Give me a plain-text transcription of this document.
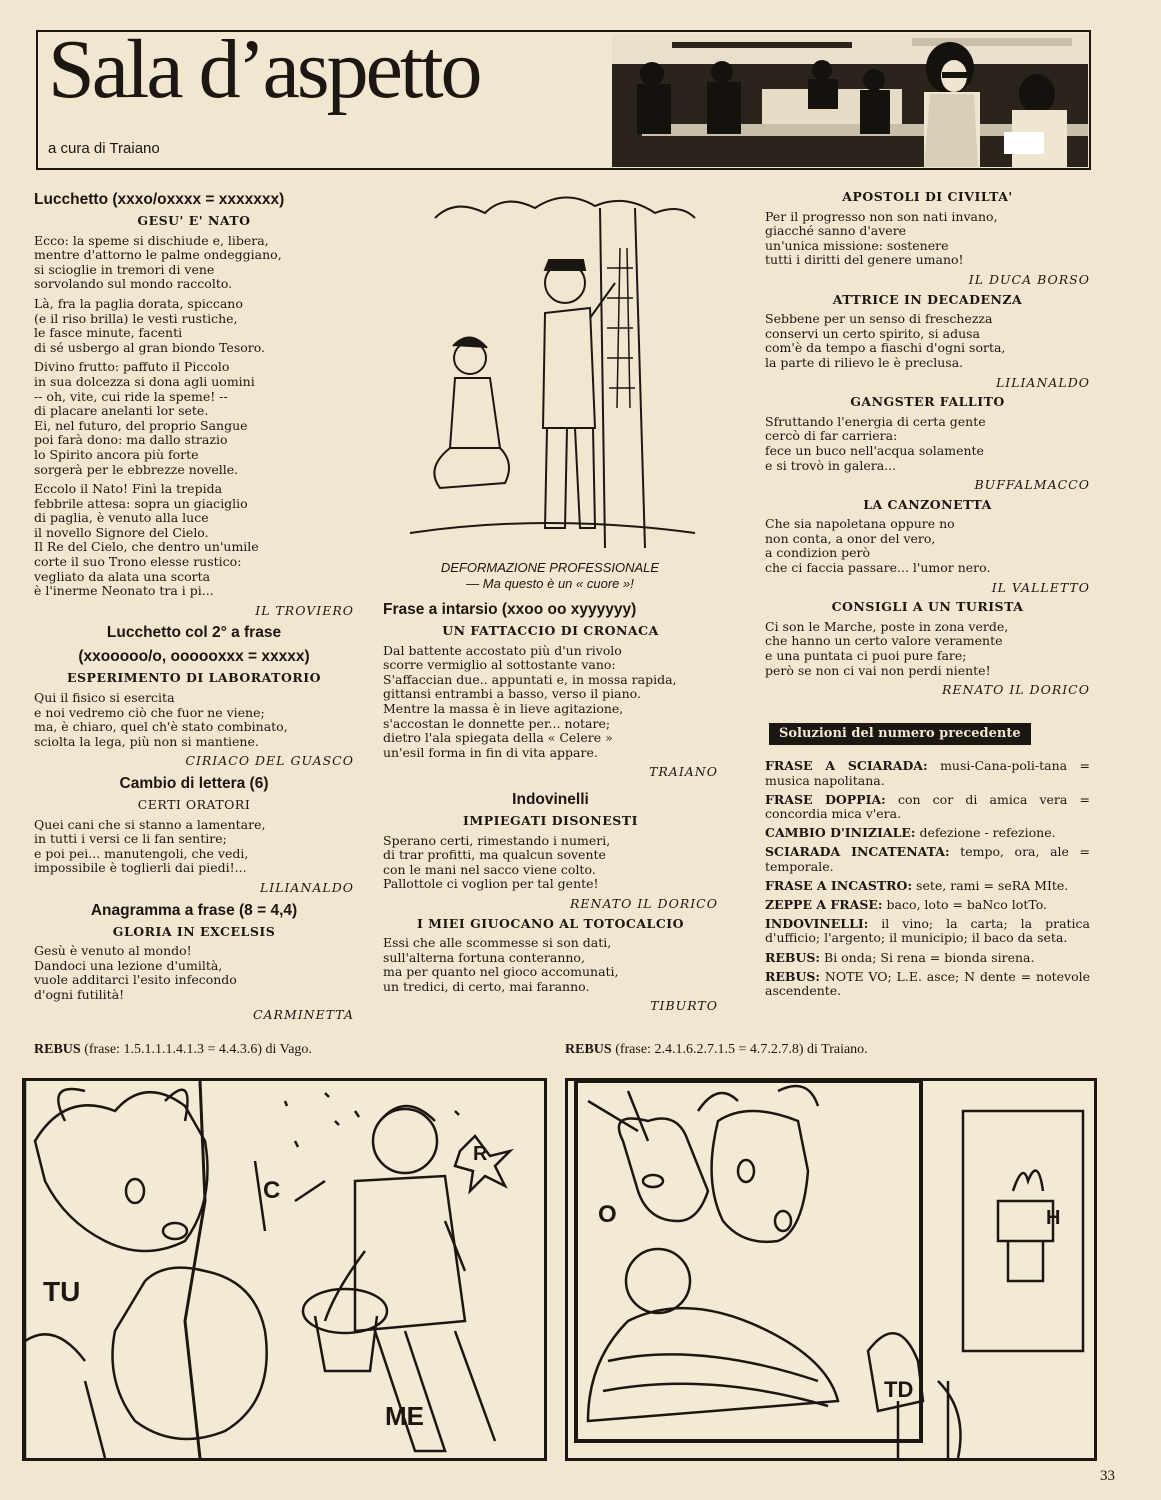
Sala d’aspetto
a cura di Traiano

Lucchetto (xxxo/oxxxx = xxxxxxx)

GESU' E' NATO

Ecco: la speme si dischiude e, libera,
mentre d'attorno le palme ondeggiano,
si scioglie in tremori di vene
sorvolando sul mondo raccolto.

Là, fra la paglia dorata, spiccano
(e il riso brilla) le vesti rustiche,
le fasce minute, facenti
di sé usbergo al gran biondo Tesoro.

Divino frutto: paffuto il Piccolo
in sua dolcezza si dona agli uomini
-- oh, vite, cui ride la speme! --
di placare anelanti lor sete.
Ei, nel futuro, del proprio Sangue
poi farà dono: ma dallo strazio
lo Spirito ancora più forte
sorgerà per le ebbrezze novelle.

Eccolo il Nato! Finì la trepida
febbrile attesa: sopra un giaciglio
di paglia, è venuto alla luce
il novello Signore del Cielo.
Il Re del Cielo, che dentro un'umile
corte il suo Trono elesse rustico:
vegliato da alata una scorta
è l'inerme Neonato tra i pi...

IL TROVIERO

Lucchetto col 2° a frase

(xxooooo/o, oooooxxx = xxxxx)

ESPERIMENTO DI LABORATORIO

Qui il fisico si esercita
e noi vedremo ciò che fuor ne viene;
ma, è chiaro, quel ch'è stato combinato,
sciolta la lega, più non si mantiene.

CIRIACO DEL GUASCO

Cambio di lettera (6)

CERTI ORATORI

Quei cani che si stanno a lamentare,
in tutti i versi ce li fan sentire;
e poi pei... manutengoli, che vedi,
impossibile è toglierli dai piedi!...

LILIANALDO

Anagramma a frase (8 = 4,4)

GLORIA IN EXCELSIS

Gesù è venuto al mondo!
Dandoci una lezione d'umiltà,
vuole additarci l'esito infecondo
d'ogni futilità!

CARMINETTA

DEFORMAZIONE PROFESSIONALE
— Ma questo è un « cuore »!

Frase a intarsio (xxoo oo xyyyyyy)

UN FATTACCIO DI CRONACA

Dal battente accostato più d'un rivolo
scorre vermiglio al sottostante vano:
S'affaccian due.. appuntati e, in mossa rapida,
gittansi entrambi a basso, verso il piano.
Mentre la massa è in lieve agitazione,
s'accostan le donnette per... notare;
dietro l'ala spiegata della « Celere »
un'esil forma in fin di vita appare.

TRAIANO

Indovinelli

IMPIEGATI DISONESTI

Sperano certi, rimestando i numeri,
di trar profitti, ma qualcun sovente
con le mani nel sacco viene colto.
Pallottole ci voglion per tal gente!

RENATO IL DORICO

I MIEI GIUOCANO AL TOTOCALCIO

Essi che alle scommesse si son dati,
sull'alterna fortuna conteranno,
ma per quanto nel gioco accomunati,
un tredici, di certo, mai faranno.

TIBURTO

APOSTOLI DI CIVILTA'

Per il progresso non son nati invano,
giacché sanno d'avere
un'unica missione: sostenere
tutti i diritti del genere umano!

IL DUCA BORSO

ATTRICE IN DECADENZA

Sebbene per un senso di freschezza
conservi un certo spirito, si adusa
com'è da tempo a fiaschi d'ogni sorta,
la parte di rilievo le è preclusa.

LILIANALDO

GANGSTER FALLITO

Sfruttando l'energia di certa gente
cercò di far carriera:
fece un buco nell'acqua solamente
e si trovò in galera...

BUFFALMACCO

LA CANZONETTA

Che sia napoletana oppure no
non conta, a onor del vero,
a condizion però
che ci faccia passare... l'umor nero.

IL VALLETTO

CONSIGLI A UN TURISTA

Ci son le Marche, poste in zona verde,
che hanno un certo valore veramente
e una puntata ci puoi pure fare;
però se non ci vai non perdi niente!

RENATO IL DORICO

Soluzioni del numero precedente

FRASE A SCIARADA: musi-Cana-poli-tana = musica napolitana.

FRASE DOPPIA: con cor di amica vera = concordia mica v'era.

CAMBIO D'INIZIALE: defezione - refezione.

SCIARADA INCATENATA: tempo, ora, ale = temporale.

FRASE A INCASTRO: sete, rami = seRA MIte.

ZEPPE A FRASE: baco, loto = baNco lotTo.

INDOVINELLI: il vino; la carta; la pratica d'ufficio; l'argento; il municipio; il baco da seta.

REBUS: Bi onda; Si rena = bionda sirena.

REBUS: NOTE VO; L.E. asce; N dente = notevole ascendente.

REBUS (frase: 1.5.1.1.1.4.1.3 = 4.4.3.6) di Vago.	REBUS (frase: 2.4.1.6.2.7.1.5 = 4.7.2.7.8) di Traiano.
TU
C
R
ME
O	H
TD
33
